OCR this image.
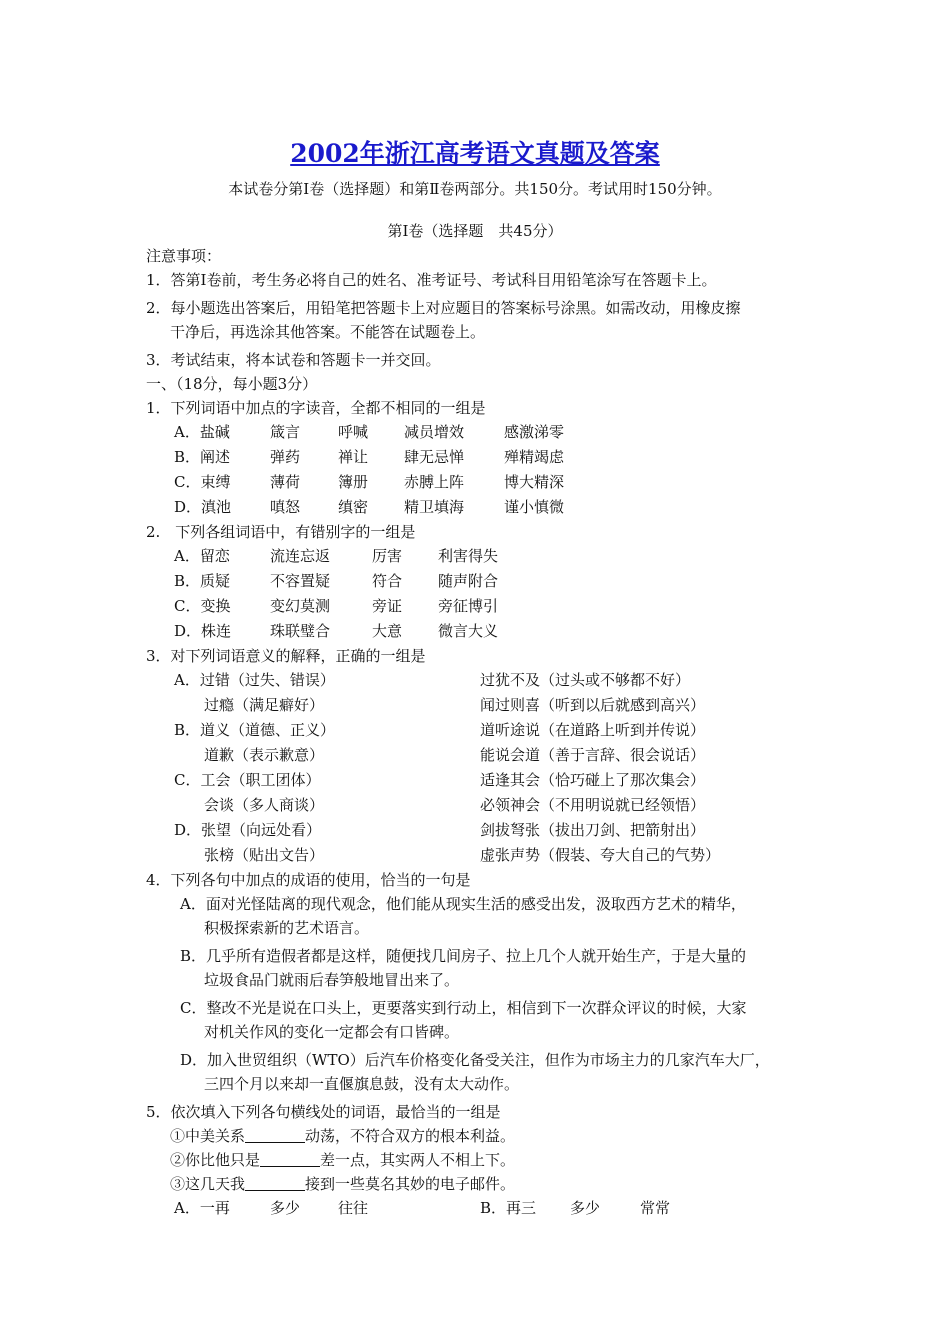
2002年浙江高考语文真题及答案

本试卷分第Ⅰ卷（选择题）和第Ⅱ卷两部分。共150分。考试用时150分钟。

第Ⅰ卷（选择题　共45分）

注意事项：
1．答第Ⅰ卷前，考生务必将自己的姓名、准考证号、考试科目用铅笔涂写在答题卡上。
2．每小题选出答案后，用铅笔把答题卡上对应题目的答案标号涂黑。如需改动，用橡皮擦
干净后，再选涂其他答案。不能答在试题卷上。
3．考试结束，将本试卷和答题卡一并交回。
一、（18分，每小题3分）
1．下列词语中加点的字读音，全都不相同的一组是
A．盐碱	箴言	呼喊 减员增效	感激涕零
B．阐述	弹药	禅让 肆无忌惮	殚精竭虑
C．束缚	薄荷	簿册 赤膊上阵	博大精深
D．滇池	嗔怒	缜密 精卫填海	谨小慎微
2.　下列各组词语中，有错别字的一组是
A．留恋	流连忘返	厉害 利害得失
B．质疑	不容置疑	符合 随声附合
C．变换	变幻莫测	旁证 旁征博引
D．株连	珠联璧合	大意 微言大义
3．对下列词语意义的解释，正确的一组是
A．过错（过失、错误）	过犹不及（过头或不够都不好）
过瘾（满足癖好）	闻过则喜（听到以后就感到高兴）
B．道义（道德、正义）	道听途说（在道路上听到并传说）
道歉（表示歉意）	能说会道（善于言辞、很会说话）
C．工会（职工团体）	适逢其会（恰巧碰上了那次集会）
会谈（多人商谈）	必领神会（不用明说就已经领悟）
D．张望（向远处看）	剑拔弩张（拔出刀剑、把箭射出）
张榜（贴出文告）	虚张声势（假装、夸大自己的气势）
4．下列各句中加点的成语的使用，恰当的一句是
A．面对光怪陆离的现代观念，他们能从现实生活的感受出发，汲取西方艺术的精华，
积极探索新的艺术语言。
B．几乎所有造假者都是这样，随便找几间房子、拉上几个人就开始生产，于是大量的
垃圾食品门就雨后春笋般地冒出来了。
C．整改不光是说在口头上，更要落实到行动上，相信到下一次群众评议的时候，大家
对机关作风的变化一定都会有口皆碑。
D．加入世贸组织（WTO）后汽车价格变化备受关注，但作为市场主力的几家汽车大厂，
三四个月以来却一直偃旗息鼓，没有太大动作。
5．依次填入下列各句横线处的词语，最恰当的一组是
①中美关系	动荡，不符合双方的根本利益。
②你比他只是	差一点，其实两人不相上下。
③这几天我	接到一些莫名其妙的电子邮件。
A．一再	多少	往往	B．再三 多少	常常
